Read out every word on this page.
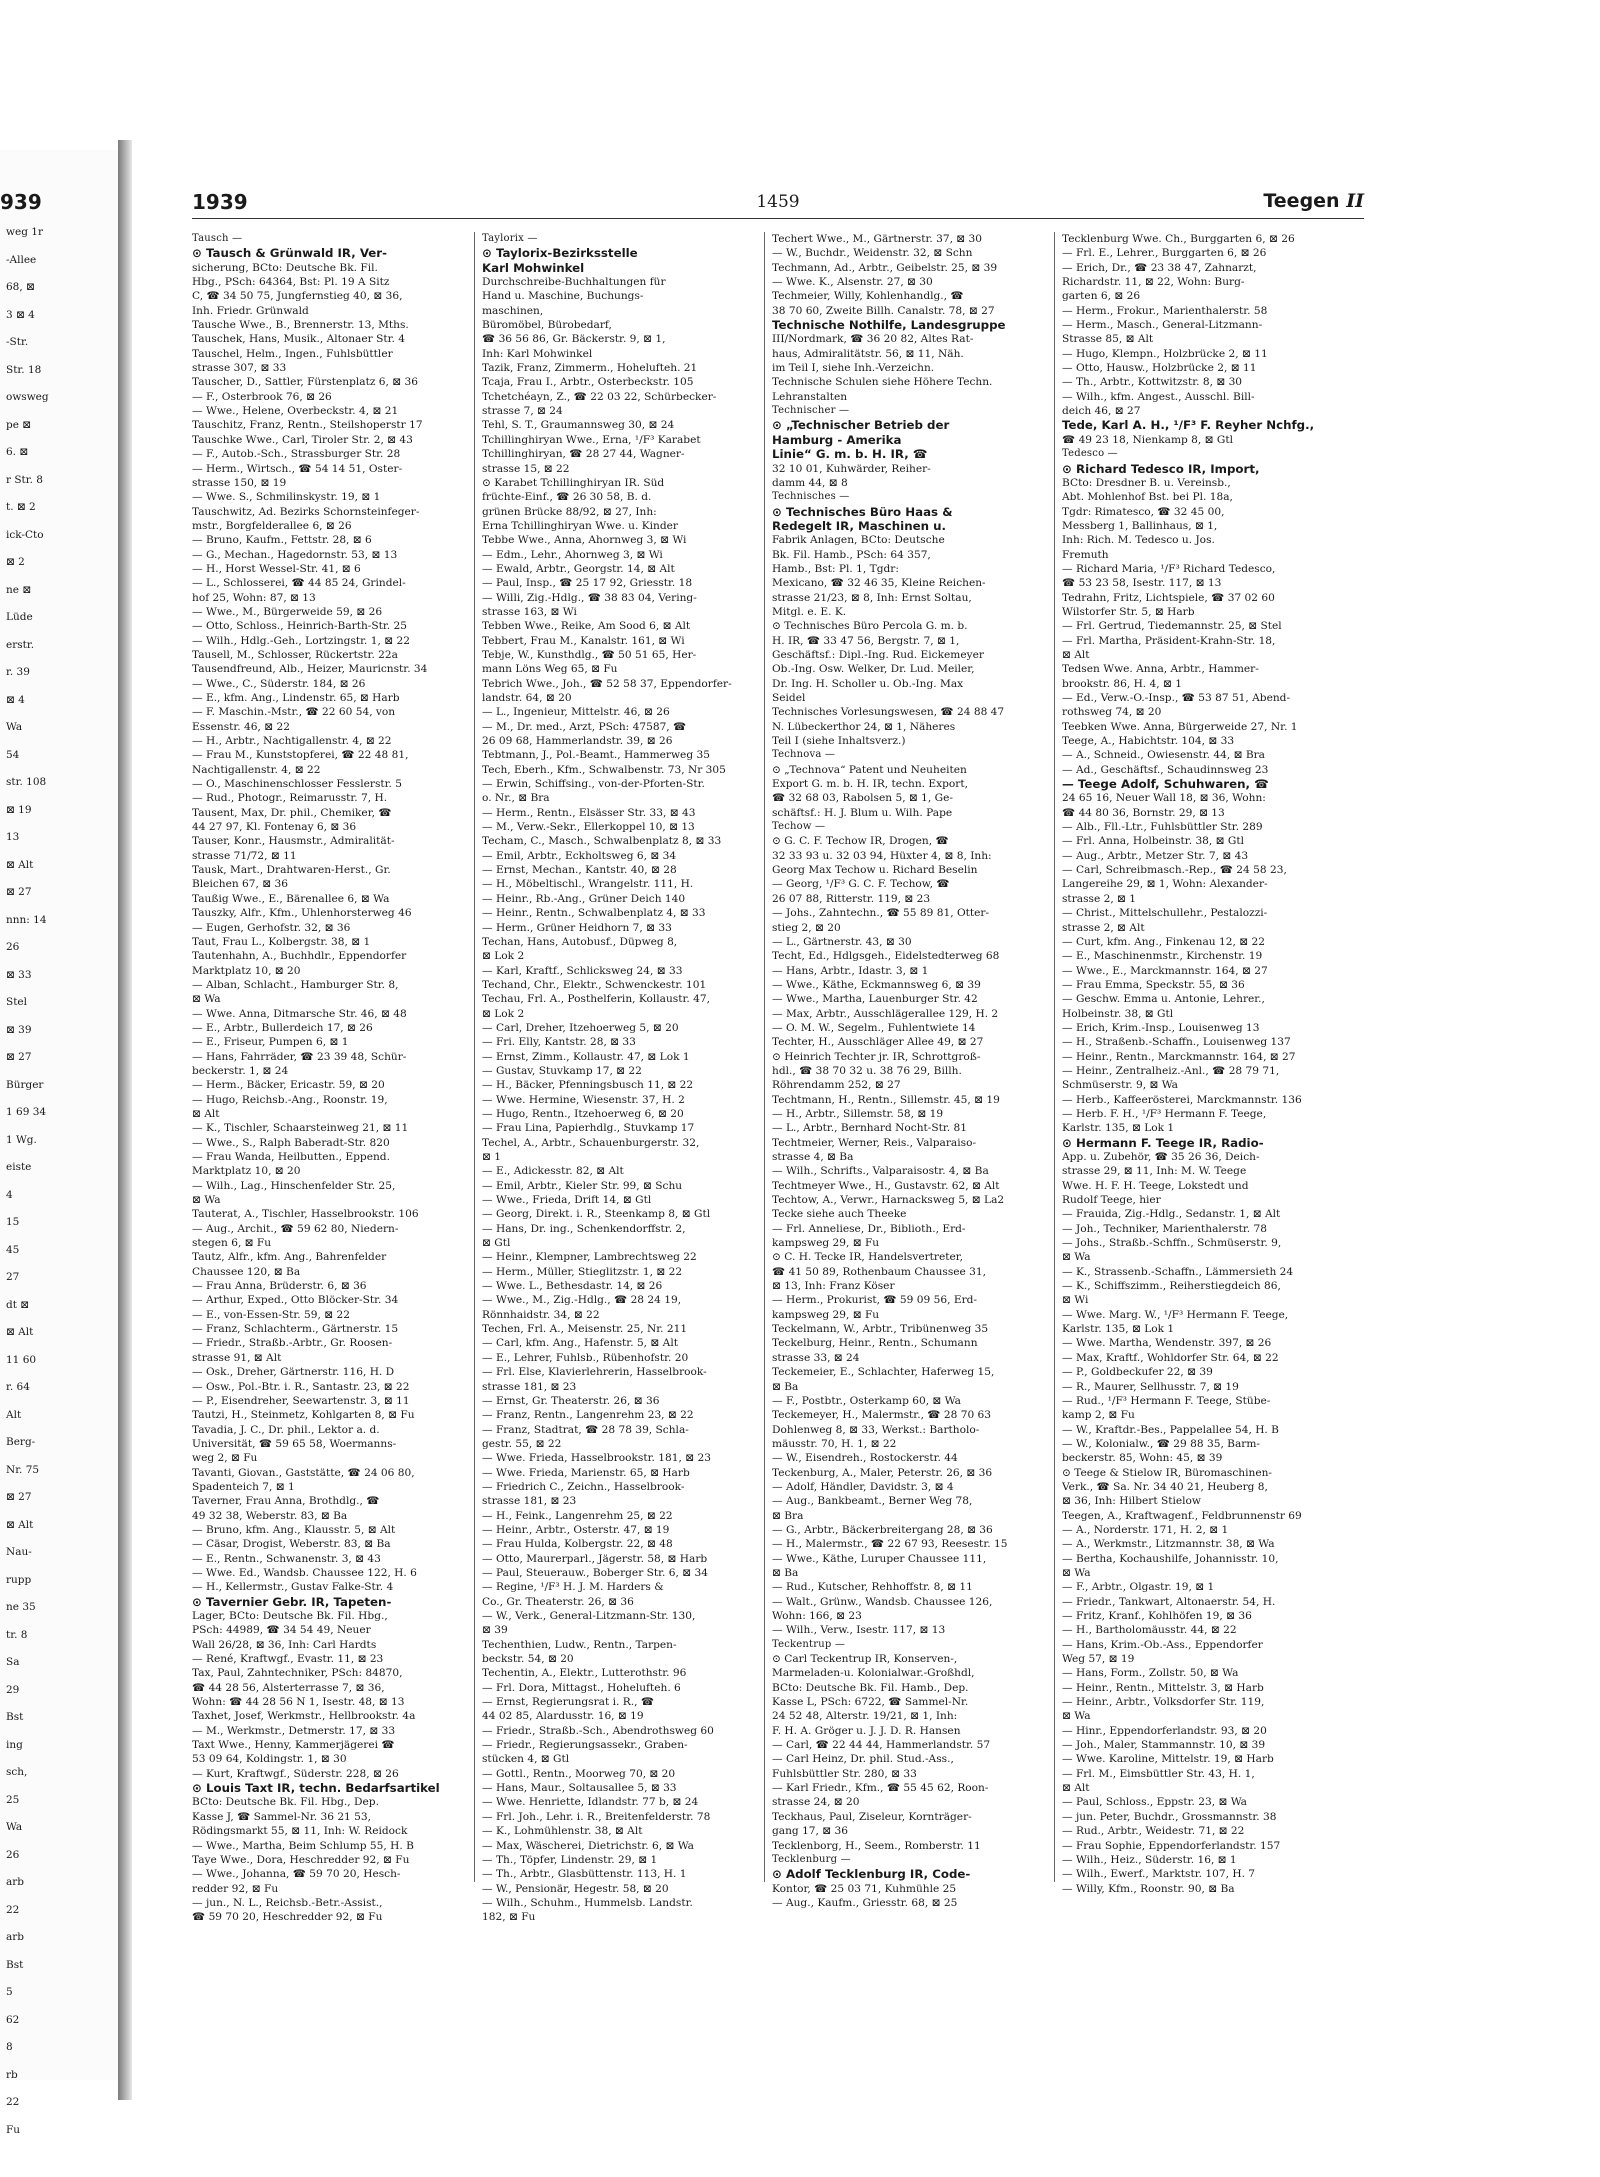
939
weg 1r
-Allee
68, ⊠
3 ⊠ 4
-Str.
Str. 18
owsweg
pe ⊠
6. ⊠
r Str. 8
t. ⊠ 2
ick-Cto
⊠ 2
ne ⊠
Lüde
erstr.
r. 39
⊠ 4
Wa
54
str. 108
⊠ 19
13
⊠ Alt
⊠ 27
nnn: 14
26
⊠ 33
Stel
⊠ 39
⊠ 27
Bürger
1 69 34
1 Wg.
eiste
4
15
45
27
dt ⊠
⊠ Alt
11 60
r. 64
Alt
Berg-
Nr. 75
⊠ 27
⊠ Alt
Nau-
rupp
ne 35
tr. 8
Sa
29
Bst
ing
sch,
25
Wa
26
arb
22
arb
Bst
5
62
8
rb
22
Fu
1939	1459	Teegen II
Tausch —
⊙ Tausch & Grünwald IR, Ver-
sicherung, BCto: Deutsche Bk. Fil.
Hbg., PSch: 64364, Bst: Pl. 19 A Sitz
C, ☎ 34 50 75, Jungfernstieg 40, ⊠ 36,
Inh. Friedr. Grünwald
Tausche Wwe., B., Brennerstr. 13, Mths.
Tauschek, Hans, Musik., Altonaer Str. 4
Tauschel, Helm., Ingen., Fuhlsbüttler
strasse 307, ⊠ 33
Tauscher, D., Sattler, Fürstenplatz 6, ⊠ 36
— F., Osterbrook 76, ⊠ 26
— Wwe., Helene, Overbeckstr. 4, ⊠ 21
Tauschitz, Franz, Rentn., Steilshoperstr 17
Tauschke Wwe., Carl, Tiroler Str. 2, ⊠ 43
— F., Autob.-Sch., Strassburger Str. 28
— Herm., Wirtsch., ☎ 54 14 51, Oster-
strasse 150, ⊠ 19
— Wwe. S., Schmilinskystr. 19, ⊠ 1
Tauschwitz, Ad. Bezirks Schornsteinfeger-
mstr., Borgfelderallee 6, ⊠ 26
— Bruno, Kaufm., Fettstr. 28, ⊠ 6
— G., Mechan., Hagedornstr. 53, ⊠ 13
— H., Horst Wessel-Str. 41, ⊠ 6
— L., Schlosserei, ☎ 44 85 24, Grindel-
hof 25, Wohn: 87, ⊠ 13
— Wwe., M., Bürgerweide 59, ⊠ 26
— Otto, Schloss., Heinrich-Barth-Str. 25
— Wilh., Hdlg.-Geh., Lortzingstr. 1, ⊠ 22
Tausell, M., Schlosser, Rückertstr. 22a
Tausendfreund, Alb., Heizer, Mauricnstr. 34
— Wwe., C., Süderstr. 184, ⊠ 26
— E., kfm. Ang., Lindenstr. 65, ⊠ Harb
— F. Maschin.-Mstr., ☎ 22 60 54, von
Essenstr. 46, ⊠ 22
— H., Arbtr., Nachtigallenstr. 4, ⊠ 22
— Frau M., Kunststopferei, ☎ 22 48 81,
Nachtigallenstr. 4, ⊠ 22
— O., Maschinenschlosser Fesslerstr. 5
— Rud., Photogr., Reimarusstr. 7, H.
Tausent, Max, Dr. phil., Chemiker, ☎
44 27 97, Kl. Fontenay 6, ⊠ 36
Tauser, Konr., Hausmstr., Admiralität-
strasse 71/72, ⊠ 11
Tausk, Mart., Drahtwaren-Herst., Gr.
Bleichen 67, ⊠ 36
Taußig Wwe., E., Bärenallee 6, ⊠ Wa
Tauszky, Alfr., Kfm., Uhlenhorsterweg 46
— Eugen, Gerhofstr. 32, ⊠ 36
Taut, Frau L., Kolbergstr. 38, ⊠ 1
Tautenhahn, A., Buchhdlr., Eppendorfer
Marktplatz 10, ⊠ 20
— Alban, Schlacht., Hamburger Str. 8,
⊠ Wa
— Wwe. Anna, Ditmarsche Str. 46, ⊠ 48
— E., Arbtr., Bullerdeich 17, ⊠ 26
— E., Friseur, Pumpen 6, ⊠ 1
— Hans, Fahrräder, ☎ 23 39 48, Schür-
beckerstr. 1, ⊠ 24
— Herm., Bäcker, Ericastr. 59, ⊠ 20
— Hugo, Reichsb.-Ang., Roonstr. 19,
⊠ Alt
— K., Tischler, Schaarsteinweg 21, ⊠ 11
— Wwe., S., Ralph Baberadt-Str. 820
— Frau Wanda, Heilbutten., Eppend.
Marktplatz 10, ⊠ 20
— Wilh., Lag., Hinschenfelder Str. 25,
⊠ Wa
Tauterat, A., Tischler, Hasselbrookstr. 106
— Aug., Archit., ☎ 59 62 80, Niedern-
stegen 6, ⊠ Fu
Tautz, Alfr., kfm. Ang., Bahrenfelder
Chaussee 120, ⊠ Ba
— Frau Anna, Brüderstr. 6, ⊠ 36
— Arthur, Exped., Otto Blöcker-Str. 34
— E., von-Essen-Str. 59, ⊠ 22
— Franz, Schlachterm., Gärtnerstr. 15
— Friedr., Straßb.-Arbtr., Gr. Roosen-
strasse 91, ⊠ Alt
— Osk., Dreher, Gärtnerstr. 116, H. D
— Osw., Pol.-Btr. i. R., Santastr. 23, ⊠ 22
— P., Eisendreher, Seewartenstr. 3, ⊠ 11
Tautzi, H., Steinmetz, Kohlgarten 8, ⊠ Fu
Tavadia, J. C., Dr. phil., Lektor a. d.
Universität, ☎ 59 65 58, Woermanns-
weg 2, ⊠ Fu
Tavanti, Giovan., Gaststätte, ☎ 24 06 80,
Spadenteich 7, ⊠ 1
Taverner, Frau Anna, Brothdlg., ☎
49 32 38, Weberstr. 83, ⊠ Ba
— Bruno, kfm. Ang., Klausstr. 5, ⊠ Alt
— Cäsar, Drogist, Weberstr. 83, ⊠ Ba
— E., Rentn., Schwanenstr. 3, ⊠ 43
— Wwe. Ed., Wandsb. Chaussee 122, H. 6
— H., Kellermstr., Gustav Falke-Str. 4
⊙ Tavernier Gebr. IR, Tapeten-
Lager, BCto: Deutsche Bk. Fil. Hbg.,
PSch: 44989, ☎ 34 54 49, Neuer
Wall 26/28, ⊠ 36, Inh: Carl Hardts
— René, Kraftwgf., Evastr. 11, ⊠ 23
Tax, Paul, Zahntechniker, PSch: 84870,
☎ 44 28 56, Alsterterrasse 7, ⊠ 36,
Wohn: ☎ 44 28 56 N 1, Isestr. 48, ⊠ 13
Taxhet, Josef, Werkmstr., Hellbrookstr. 4a
— M., Werkmstr., Detmerstr. 17, ⊠ 33
Taxt Wwe., Henny, Kammerjägerei ☎
53 09 64, Koldingstr. 1, ⊠ 30
— Kurt, Kraftwgf., Süderstr. 228, ⊠ 26
⊙ Louis Taxt IR, techn. Bedarfsartikel
BCto: Deutsche Bk. Fil. Hbg., Dep.
Kasse J, ☎ Sammel-Nr. 36 21 53,
Rödingsmarkt 55, ⊠ 11, Inh: W. Reidock
— Wwe., Martha, Beim Schlump 55, H. B
Taye Wwe., Dora, Heschredder 92, ⊠ Fu
— Wwe., Johanna, ☎ 59 70 20, Hesch-
redder 92, ⊠ Fu
— jun., N. L., Reichsb.-Betr.-Assist.,
☎ 59 70 20, Heschredder 92, ⊠ Fu
Taylorix —
⊙ Taylorix-Bezirksstelle
Karl Mohwinkel
Durchschreibe-Buchhaltungen für
Hand u. Maschine, Buchungs-
maschinen,
Büromöbel, Bürobedarf,
☎ 36 56 86, Gr. Bäckerstr. 9, ⊠ 1,
Inh: Karl Mohwinkel
Tazik, Franz, Zimmerm., Hohelufteh. 21
Tcaja, Frau I., Arbtr., Osterbeckstr. 105
Tchetchéayn, Z., ☎ 22 03 22, Schürbecker-
strasse 7, ⊠ 24
Tehl, S. T., Graumannsweg 30, ⊠ 24
Tchillinghiryan Wwe., Erna, ¹/F³ Karabet
Tchillinghiryan, ☎ 28 27 44, Wagner-
strasse 15, ⊠ 22
⊙ Karabet Tchillinghiryan IR. Süd
früchte-Einf., ☎ 26 30 58, B. d.
grünen Brücke 88/92, ⊠ 27, Inh:
Erna Tchillinghiryan Wwe. u. Kinder
Tebbe Wwe., Anna, Ahornweg 3, ⊠ Wi
— Edm., Lehr., Ahornweg 3, ⊠ Wi
— Ewald, Arbtr., Georgstr. 14, ⊠ Alt
— Paul, Insp., ☎ 25 17 92, Griesstr. 18
— Willi, Zig.-Hdlg., ☎ 38 83 04, Vering-
strasse 163, ⊠ Wi
Tebben Wwe., Reike, Am Sood 6, ⊠ Alt
Tebbert, Frau M., Kanalstr. 161, ⊠ Wi
Tebje, W., Kunsthdlg., ☎ 50 51 65, Her-
mann Löns Weg 65, ⊠ Fu
Tebrich Wwe., Joh., ☎ 52 58 37, Eppendorfer-
landstr. 64, ⊠ 20
— L., Ingenieur, Mittelstr. 46, ⊠ 26
— M., Dr. med., Arzt, PSch: 47587, ☎
26 09 68, Hammerlandstr. 39, ⊠ 26
Tebtmann, J., Pol.-Beamt., Hammerweg 35
Tech, Eberh., Kfm., Schwalbenstr. 73, Nr 305
— Erwin, Schiffsing., von-der-Pforten-Str.
o. Nr., ⊠ Bra
— Herm., Rentn., Elsässer Str. 33, ⊠ 43
— M., Verw.-Sekr., Ellerkoppel 10, ⊠ 13
Techam, C., Masch., Schwalbenplatz 8, ⊠ 33
— Emil, Arbtr., Eckholtsweg 6, ⊠ 34
— Ernst, Mechan., Kantstr. 40, ⊠ 28
— H., Möbeltischl., Wrangelstr. 111, H.
— Heinr., Rb.-Ang., Grüner Deich 140
— Heinr., Rentn., Schwalbenplatz 4, ⊠ 33
— Herm., Grüner Heidhorn 7, ⊠ 33
Techan, Hans, Autobusf., Düpweg 8,
⊠ Lok 2
— Karl, Kraftf., Schlicksweg 24, ⊠ 33
Techand, Chr., Elektr., Schwenckestr. 101
Techau, Frl. A., Posthelferin, Kollaustr. 47,
⊠ Lok 2
— Carl, Dreher, Itzehoerweg 5, ⊠ 20
— Fri. Elly, Kantstr. 28, ⊠ 33
— Ernst, Zimm., Kollaustr. 47, ⊠ Lok 1
— Gustav, Stuvkamp 17, ⊠ 22
— H., Bäcker, Pfenningsbusch 11, ⊠ 22
— Wwe. Hermine, Wiesenstr. 37, H. 2
— Hugo, Rentn., Itzehoerweg 6, ⊠ 20
— Frau Lina, Papierhdlg., Stuvkamp 17
Techel, A., Arbtr., Schauenburgerstr. 32,
⊠ 1
— E., Adickesstr. 82, ⊠ Alt
— Emil, Arbtr., Kieler Str. 99, ⊠ Schu
— Wwe., Frieda, Drift 14, ⊠ Gtl
— Georg, Direkt. i. R., Steenkamp 8, ⊠ Gtl
— Hans, Dr. ing., Schenkendorffstr. 2,
⊠ Gtl
— Heinr., Klempner, Lambrechtsweg 22
— Herm., Müller, Stieglitzstr. 1, ⊠ 22
— Wwe. L., Bethesdastr. 14, ⊠ 26
— Wwe., M., Zig.-Hdlg., ☎ 28 24 19,
Rönnhaidstr. 34, ⊠ 22
Techen, Frl. A., Meisenstr. 25, Nr. 211
— Carl, kfm. Ang., Hafenstr. 5, ⊠ Alt
— E., Lehrer, Fuhlsb., Rübenhofstr. 20
— Frl. Else, Klavierlehrerin, Hasselbrook-
strasse 181, ⊠ 23
— Ernst, Gr. Theaterstr. 26, ⊠ 36
— Franz, Rentn., Langenrehm 23, ⊠ 22
— Franz, Stadtrat, ☎ 28 78 39, Schla-
gestr. 55, ⊠ 22
— Wwe. Frieda, Hasselbrookstr. 181, ⊠ 23
— Wwe. Frieda, Marienstr. 65, ⊠ Harb
— Friedrich C., Zeichn., Hasselbrook-
strasse 181, ⊠ 23
— H., Feink., Langenrehm 25, ⊠ 22
— Heinr., Arbtr., Osterstr. 47, ⊠ 19
— Frau Hulda, Kolbergstr. 22, ⊠ 48
— Otto, Maurerparl., Jägerstr. 58, ⊠ Harb
— Paul, Steuerauw., Boberger Str. 6, ⊠ 34
— Regine, ¹/F³ H. J. M. Harders &
Co., Gr. Theaterstr. 26, ⊠ 36
— W., Verk., General-Litzmann-Str. 130,
⊠ 39
Techenthien, Ludw., Rentn., Tarpen-
beckstr. 54, ⊠ 20
Techentin, A., Elektr., Lutterothstr. 96
— Frl. Dora, Mittagst., Hohelufteh. 6
— Ernst, Regierungsrat i. R., ☎
44 02 85, Alardusstr. 16, ⊠ 19
— Friedr., Straßb.-Sch., Abendrothsweg 60
— Friedr., Regierungsassekr., Graben-
stücken 4, ⊠ Gtl
— Gottl., Rentn., Moorweg 70, ⊠ 20
— Hans, Maur., Soltausallee 5, ⊠ 33
— Wwe. Henriette, Idlandstr. 77 b, ⊠ 24
— Frl. Joh., Lehr. i. R., Breitenfelderstr. 78
— K., Lohmühlenstr. 38, ⊠ Alt
— Max, Wäscherei, Dietrichstr. 6, ⊠ Wa
— Th., Töpfer, Lindenstr. 29, ⊠ 1
— Th., Arbtr., Glasbüttenstr. 113, H. 1
— W., Pensionär, Hegestr. 58, ⊠ 20
— Wilh., Schuhm., Hummelsb. Landstr.
182, ⊠ Fu
Techert Wwe., M., Gärtnerstr. 37, ⊠ 30
— W., Buchdr., Weidenstr. 32, ⊠ Schn
Techmann, Ad., Arbtr., Geibelstr. 25, ⊠ 39
— Wwe. K., Alsenstr. 27, ⊠ 30
Techmeier, Willy, Kohlenhandlg., ☎
38 70 60, Zweite Billh. Canalstr. 78, ⊠ 27
Technische Nothilfe, Landesgruppe
III/Nordmark, ☎ 36 20 82, Altes Rat-
haus, Admiralitätstr. 56, ⊠ 11, Näh.
im Teil I, siehe Inh.-Verzeichn.
Technische Schulen siehe Höhere Techn.
Lehranstalten
Technischer —
⊙ „Technischer Betrieb der
Hamburg - Amerika
Linie“ G. m. b. H. IR, ☎
32 10 01, Kuhwärder, Reiher-
damm 44, ⊠ 8
Technisches —
⊙ Technisches Büro Haas &
Redegelt IR, Maschinen u.
Fabrik Anlagen, BCto: Deutsche
Bk. Fil. Hamb., PSch: 64 357,
Hamb., Bst: Pl. 1, Tgdr:
Mexicano, ☎ 32 46 35, Kleine Reichen-
strasse 21/23, ⊠ 8, Inh: Ernst Soltau,
Mitgl. e. E. K.
⊙ Technisches Büro Percola G. m. b.
H. IR, ☎ 33 47 56, Bergstr. 7, ⊠ 1,
Geschäftsf.: Dipl.-Ing. Rud. Eickemeyer
Ob.-Ing. Osw. Welker, Dr. Lud. Meiler,
Dr. Ing. H. Scholler u. Ob.-Ing. Max
Seidel
Technisches Vorlesungswesen, ☎ 24 88 47
N. Lübeckerthor 24, ⊠ 1, Näheres
Teil I (siehe Inhaltsverz.)
Technova —
⊙ „Technova“ Patent und Neuheiten
Export G. m. b. H. IR, techn. Export,
☎ 32 68 03, Rabolsen 5, ⊠ 1, Ge-
schäftsf.: H. J. Blum u. Wilh. Pape
Techow —
⊙ G. C. F. Techow IR, Drogen, ☎
32 33 93 u. 32 03 94, Hüxter 4, ⊠ 8, Inh:
Georg Max Techow u. Richard Beselin
— Georg, ¹/F³ G. C. F. Techow, ☎
26 07 88, Ritterstr. 119, ⊠ 23
— Johs., Zahntechn., ☎ 55 89 81, Otter-
stieg 2, ⊠ 20
— L., Gärtnerstr. 43, ⊠ 30
Techt, Ed., Hdlgsgeh., Eidelstedterweg 68
— Hans, Arbtr., Idastr. 3, ⊠ 1
— Wwe., Käthe, Eckmannsweg 6, ⊠ 39
— Wwe., Martha, Lauenburger Str. 42
— Max, Arbtr., Ausschlägerallee 129, H. 2
— O. M. W., Segelm., Fuhlentwiete 14
Techter, H., Ausschläger Allee 49, ⊠ 27
⊙ Heinrich Techter jr. IR, Schrottgroß-
hdl., ☎ 38 70 32 u. 38 76 29, Billh.
Röhrendamm 252, ⊠ 27
Techtmann, H., Rentn., Sillemstr. 45, ⊠ 19
— H., Arbtr., Sillemstr. 58, ⊠ 19
— L., Arbtr., Bernhard Nocht-Str. 81
Techtmeier, Werner, Reis., Valparaiso-
strasse 4, ⊠ Ba
— Wilh., Schrifts., Valparaisostr. 4, ⊠ Ba
Techtmeyer Wwe., H., Gustavstr. 62, ⊠ Alt
Techtow, A., Verwr., Harnacksweg 5, ⊠ La2
Tecke siehe auch Theeke
— Frl. Anneliese, Dr., Biblioth., Erd-
kampsweg 29, ⊠ Fu
⊙ C. H. Tecke IR, Handelsvertreter,
☎ 41 50 89, Rothenbaum Chaussee 31,
⊠ 13, Inh: Franz Köser
— Herm., Prokurist, ☎ 59 09 56, Erd-
kampsweg 29, ⊠ Fu
Teckelmann, W., Arbtr., Tribünenweg 35
Teckelburg, Heinr., Rentn., Schumann
strasse 33, ⊠ 24
Teckemeier, E., Schlachter, Haferweg 15,
⊠ Ba
— F., Postbtr., Osterkamp 60, ⊠ Wa
Teckemeyer, H., Malermstr., ☎ 28 70 63
Dohlenweg 8, ⊠ 33, Werkst.: Bartholo-
mäusstr. 70, H. 1, ⊠ 22
— W., Eisendreh., Rostockerstr. 44
Teckenburg, A., Maler, Peterstr. 26, ⊠ 36
— Adolf, Händler, Davidstr. 3, ⊠ 4
— Aug., Bankbeamt., Berner Weg 78,
⊠ Bra
— G., Arbtr., Bäckerbreitergang 28, ⊠ 36
— H., Malermstr., ☎ 22 67 93, Reesestr. 15
— Wwe., Käthe, Luruper Chaussee 111,
⊠ Ba
— Rud., Kutscher, Rehhoffstr. 8, ⊠ 11
— Walt., Grünw., Wandsb. Chaussee 126,
Wohn: 166, ⊠ 23
— Wilh., Verw., Isestr. 117, ⊠ 13
Teckentrup —
⊙ Carl Teckentrup IR, Konserven-,
Marmeladen-u. Kolonialwar.-Großhdl,
BCto: Deutsche Bk. Fil. Hamb., Dep.
Kasse L, PSch: 6722, ☎ Sammel-Nr.
24 52 48, Alterstr. 19/21, ⊠ 1, Inh:
F. H. A. Gröger u. J. J. D. R. Hansen
— Carl, ☎ 22 44 44, Hammerlandstr. 57
— Carl Heinz, Dr. phil. Stud.-Ass.,
Fuhlsbüttler Str. 280, ⊠ 33
— Karl Friedr., Kfm., ☎ 55 45 62, Roon-
strasse 24, ⊠ 20
Teckhaus, Paul, Ziseleur, Kornträger-
gang 17, ⊠ 36
Tecklenborg, H., Seem., Romberstr. 11
Tecklenburg —
⊙ Adolf Tecklenburg IR, Code-
Kontor, ☎ 25 03 71, Kuhmühle 25
— Aug., Kaufm., Griesstr. 68, ⊠ 25
Tecklenburg Wwe. Ch., Burggarten 6, ⊠ 26
— Frl. E., Lehrer., Burggarten 6, ⊠ 26
— Erich, Dr., ☎ 23 38 47, Zahnarzt,
Richardstr. 11, ⊠ 22, Wohn: Burg-
garten 6, ⊠ 26
— Herm., Frokur., Marienthalerstr. 58
— Herm., Masch., General-Litzmann-
Strasse 85, ⊠ Alt
— Hugo, Klempn., Holzbrücke 2, ⊠ 11
— Otto, Hausw., Holzbrücke 2, ⊠ 11
— Th., Arbtr., Kottwitzstr. 8, ⊠ 30
— Wilh., kfm. Angest., Ausschl. Bill-
deich 46, ⊠ 27
Tede, Karl A. H., ¹/F³ F. Reyher Nchfg.,
☎ 49 23 18, Nienkamp 8, ⊠ Gtl
Tedesco —
⊙ Richard Tedesco IR, Import,
BCto: Dresdner B. u. Vereinsb.,
Abt. Mohlenhof Bst. bei Pl. 18a,
Tgdr: Rimatesco, ☎ 32 45 00,
Messberg 1, Ballinhaus, ⊠ 1,
Inh: Rich. M. Tedesco u. Jos.
Fremuth
— Richard Maria, ¹/F³ Richard Tedesco,
☎ 53 23 58, Isestr. 117, ⊠ 13
Tedrahn, Fritz, Lichtspiele, ☎ 37 02 60
Wilstorfer Str. 5, ⊠ Harb
— Frl. Gertrud, Tiedemannstr. 25, ⊠ Stel
— Frl. Martha, Präsident-Krahn-Str. 18,
⊠ Alt
Tedsen Wwe. Anna, Arbtr., Hammer-
brookstr. 86, H. 4, ⊠ 1
— Ed., Verw.-O.-Insp., ☎ 53 87 51, Abend-
rothsweg 74, ⊠ 20
Teebken Wwe. Anna, Bürgerweide 27, Nr. 1
Teege, A., Habichtstr. 104, ⊠ 33
— A., Schneid., Owiesenstr. 44, ⊠ Bra
— Ad., Geschäftsf., Schaudinnsweg 23
— Teege Adolf, Schuhwaren, ☎
24 65 16, Neuer Wall 18, ⊠ 36, Wohn:
☎ 44 80 36, Bornstr. 29, ⊠ 13
— Alb., Fll.-Ltr., Fuhlsbüttler Str. 289
— Frl. Anna, Holbeinstr. 38, ⊠ Gtl
— Aug., Arbtr., Metzer Str. 7, ⊠ 43
— Carl, Schreibmasch.-Rep., ☎ 24 58 23,
Langereihe 29, ⊠ 1, Wohn: Alexander-
strasse 2, ⊠ 1
— Christ., Mittelschullehr., Pestalozzi-
strasse 2, ⊠ Alt
— Curt, kfm. Ang., Finkenau 12, ⊠ 22
— E., Maschinenmstr., Kirchenstr. 19
— Wwe., E., Marckmannstr. 164, ⊠ 27
— Frau Emma, Speckstr. 55, ⊠ 36
— Geschw. Emma u. Antonie, Lehrer.,
Holbeinstr. 38, ⊠ Gtl
— Erich, Krim.-Insp., Louisenweg 13
— H., Straßenb.-Schaffn., Louisenweg 137
— Heinr., Rentn., Marckmannstr. 164, ⊠ 27
— Heinr., Zentralheiz.-Anl., ☎ 28 79 71,
Schmüserstr. 9, ⊠ Wa
— Herb., Kaffeerösterei, Marckmannstr. 136
— Herb. F. H., ¹/F³ Hermann F. Teege,
Karlstr. 135, ⊠ Lok 1
⊙ Hermann F. Teege IR, Radio-
App. u. Zubehör, ☎ 35 26 36, Deich-
strasse 29, ⊠ 11, Inh: M. W. Teege
Wwe. H. F. H. Teege, Lokstedt und
Rudolf Teege, hier
— Frauida, Zig.-Hdlg., Sedanstr. 1, ⊠ Alt
— Joh., Techniker, Marienthalerstr. 78
— Johs., Straßb.-Schffn., Schmüserstr. 9,
⊠ Wa
— K., Strassenb.-Schaffn., Lämmersieth 24
— K., Schiffszimm., Reiherstiegdeich 86,
⊠ Wi
— Wwe. Marg. W., ¹/F³ Hermann F. Teege,
Karlstr. 135, ⊠ Lok 1
— Wwe. Martha, Wendenstr. 397, ⊠ 26
— Max, Kraftf., Wohldorfer Str. 64, ⊠ 22
— P., Goldbeckufer 22, ⊠ 39
— R., Maurer, Sellhusstr. 7, ⊠ 19
— Rud., ¹/F³ Hermann F. Teege, Stübe-
kamp 2, ⊠ Fu
— W., Kraftdr.-Bes., Pappelallee 54, H. B
— W., Kolonialw., ☎ 29 88 35, Barm-
beckerstr. 85, Wohn: 45, ⊠ 39
⊙ Teege & Stielow IR, Büromaschinen-
Verk., ☎ Sa. Nr. 34 40 21, Heuberg 8,
⊠ 36, Inh: Hilbert Stielow
Teegen, A., Kraftwagenf., Feldbrunnenstr 69
— A., Norderstr. 171, H. 2, ⊠ 1
— A., Werkmstr., Litzmannstr. 38, ⊠ Wa
— Bertha, Kochaushilfe, Johannisstr. 10,
⊠ Wa
— F., Arbtr., Olgastr. 19, ⊠ 1
— Friedr., Tankwart, Altonaerstr. 54, H.
— Fritz, Kranf., Kohlhöfen 19, ⊠ 36
— H., Bartholomäusstr. 44, ⊠ 22
— Hans, Krim.-Ob.-Ass., Eppendorfer
Weg 57, ⊠ 19
— Hans, Form., Zollstr. 50, ⊠ Wa
— Heinr., Rentn., Mittelstr. 3, ⊠ Harb
— Heinr., Arbtr., Volksdorfer Str. 119,
⊠ Wa
— Hinr., Eppendorferlandstr. 93, ⊠ 20
— Joh., Maler, Stammannstr. 10, ⊠ 39
— Wwe. Karoline, Mittelstr. 19, ⊠ Harb
— Frl. M., Eimsbüttler Str. 43, H. 1,
⊠ Alt
— Paul, Schloss., Eppstr. 23, ⊠ Wa
— jun. Peter, Buchdr., Grossmannstr. 38
— Rud., Arbtr., Weidestr. 71, ⊠ 22
— Frau Sophie, Eppendorferlandstr. 157
— Wilh., Heiz., Süderstr. 16, ⊠ 1
— Wilh., Ewerf., Marktstr. 107, H. 7
— Willy, Kfm., Roonstr. 90, ⊠ Ba
